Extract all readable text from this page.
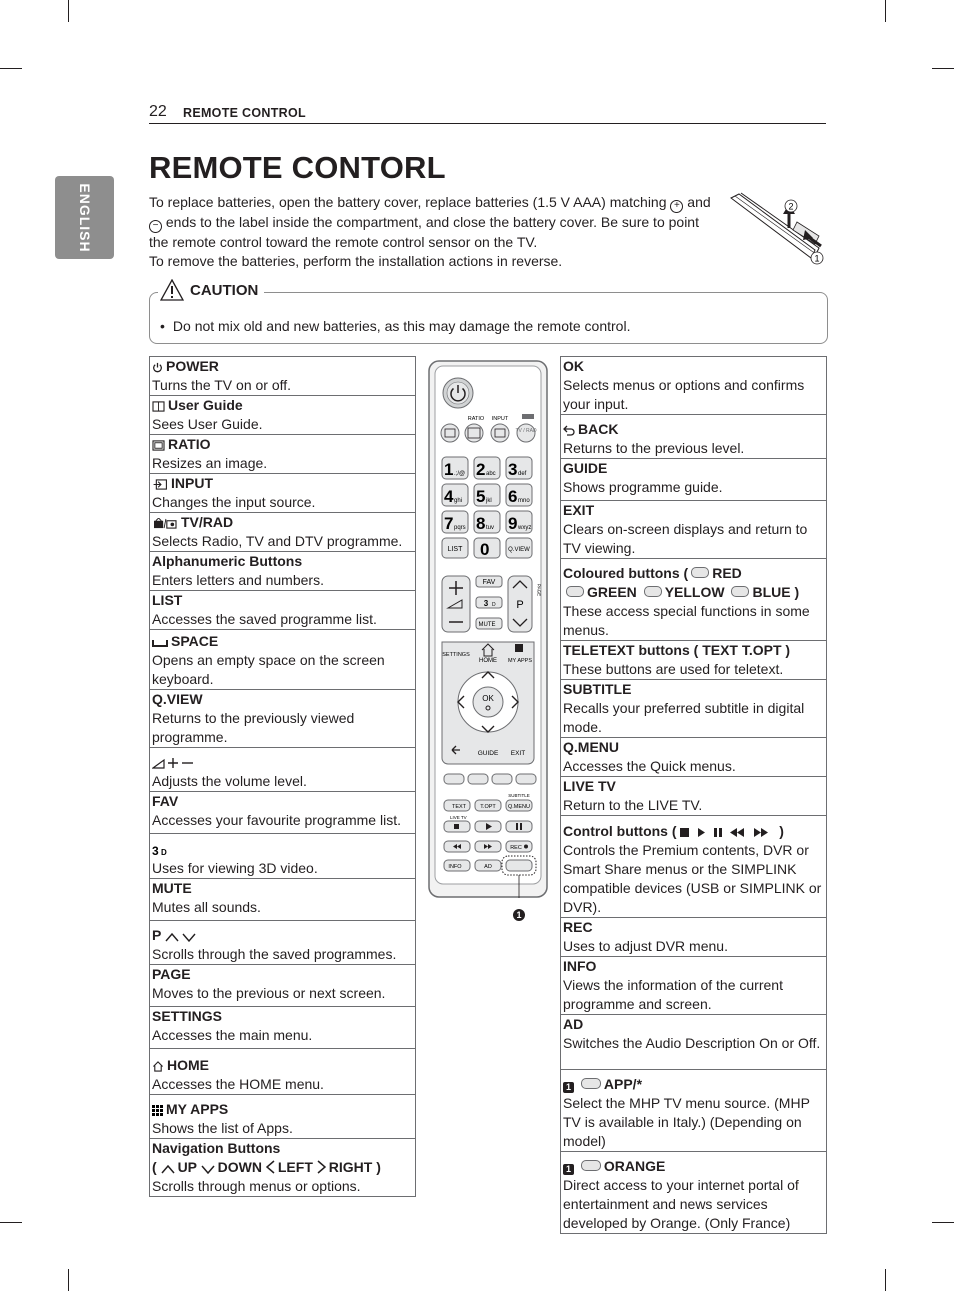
22 REMOTE CONTROL
ENGLISH
REMOTE CONTORL

To replace batteries, open the battery cover, replace batteries (1.5 V AAA) matching + and − ends to the label inside the compartment, and close the battery cover. Be sure to point the remote control toward the remote control sensor on the TV.

To remove the batteries, perform the installation actions in reverse.

2
1
CAUTION
• Do not mix old and new batteries, as this may damage the remote control.
POWER
Turns the TV on or off.

User Guide
Sees User Guide.

RATIO
Resizes an image.

INPUT
Changes the input source.

TV/RAD
Selects Radio, TV and DTV programme.

Alphanumeric Buttons
Enters letters and numbers.

LIST
Accesses the saved programme list.

SPACE
Opens an empty space on the screen keyboard.

Q.VIEW
Returns to the previously viewed programme.

Adjusts the volume level.

FAV
Accesses your favourite programme list.

3 D
Uses for viewing 3D video.

MUTE
Mutes all sounds.

P
Scrolls through the saved programmes.

PAGE
Moves to the previous or next screen.

SETTINGS
Accesses the main menu.

HOME
Accesses the HOME menu.

MY APPS
Shows the list of Apps.

Navigation Buttons
( UP DOWN LEFT RIGHT )
Scrolls through menus or options.
RATIO INPUT
TV / RAD
1 .;/@ 2 abc 3 def
4 ghi 5 jkl 6 mno
7 pqrs 8 tuv 9 wxyz
LIST 0	Q.VIEW
FAV
3 D
MUTE
P
PAGE
SETTINGS
HOME MY APPS
OK
GUIDE EXIT
SUBTITLE
TEXT	T.OPT Q.MENU
LIVE TV
REC
INFO	AD
1
OK
Selects menus or options and confirms your input.

BACK
Returns to the previous level.

GUIDE
Shows programme guide.

EXIT
Clears on-screen displays and return to TV viewing.

Coloured buttons ( RED
GREEN YELLOW BLUE )
These access special functions in some menus.

TELETEXT buttons ( TEXT T.OPT )
These buttons are used for teletext.

SUBTITLE
Recalls your preferred subtitle in digital mode.

Q.MENU
Accesses the Quick menus.

LIVE TV
Return to the LIVE TV.

Control buttons (	)
Controls the Premium contents, DVR or Smart Share menus or the SIMPLINK compatible devices (USB or SIMPLINK or DVR).

REC
Uses to adjust DVR menu.

INFO
Views the information of the current programme and screen.

AD
Switches the Audio Description On or Off.

1 APP/*
Select the MHP TV menu source. (MHP TV is available in Italy.) (Depending on model)

1 ORANGE
Direct access to your internet portal of entertainment and news services developed by Orange. (Only France)
